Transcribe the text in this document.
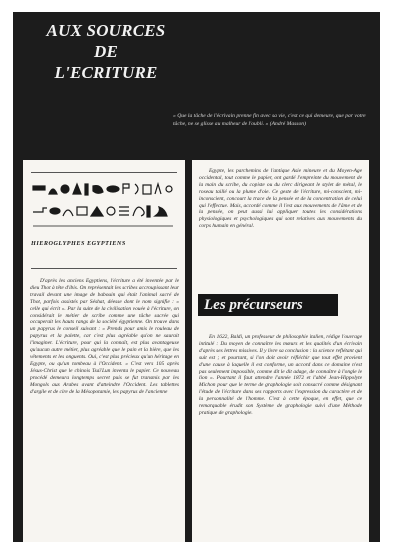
AUX SOURCES
DE
L'ECRITURE
« Que la tâche de l'écrivain prenne fin avec sa vie, c'est ce qui demeure, que par votre tâche, ne se glisse au malheur de l'oubli. » (André Masson)
HIEROGLYPHES EGYPTIENS
D'après les anciens Egyptiens, l'écriture a été inventée par le dieu Thot à tête d'ibis. On représentait les scribes accroupissant leur travail devant une image de babouin qui était l'animal sacré de Thot, parfois assistés par Séshat, déesse dont le nom signifie : « celle qui écrit ». Par la suite de la civilisation vouée à l'écriture, on considérait le métier de scribe comme une tâche sacrée qui occuperait les hauts rangs de la société égyptienne. On trouve dans un papyrus le conseil suivant : « Prends pour amis le rouleau de papyrus et la palette, car c'est plus agréable qu'on ne saurait l'imaginer. L'écriture, pour qui la connaît, est plus avantageuse qu'aucun autre métier, plus agréable que le pain et la bière, que les vêtements et les onguents. Oui, c'est plus précieux qu'un héritage en Egypte, ou qu'un tombeau à l'Occident. » C'est vers 105 après Jésus-Christ que le chinois Tsaï'Lun inventa le papier. Ce nouveau procédé demeura longtemps secret puis se fut transmis par les Mongols aux Arabes avant d'atteindre l'Occident. Les tablettes d'argile et de cire de la Mésopotamie, les papyrus de l'ancienne
Egypte, les parchemins de l'antique Asie mineure et du Moyen-Age occidental, tout comme le papier, ont gardé l'empreinte du mouvement de la main du scribe, du copiste ou du clerc dirigeant le stylet de métal, le roseau taillé ou la plume d'oie. Ce geste de l'écriture, mi-conscient, mi-inconscient, concourt la trace de la pensée et de la concentration de celui qui l'effectue. Mais, accordé comme il l'est aux mouvements de l'âme et de la pensée, on peut aussi lui appliquer toutes les considérations physiologiques et psychologiques qui sont relatives aux mouvements du corps humain en général.
Les précurseurs
En 1622, Baldi, un professeur de philosophie italien, rédige l'ouvrage intitulé : Du moyen de connaître les mœurs et les qualités d'un écrivain d'après ses lettres missives. Il y livre sa conclusion : la science reflétant qui suit est ; et pourtant, si l'on doit avoir réfléchir que tout effet provient d'une cause à laquelle il est conforme, un accord dans ce domaine n'est pas seulement impossible, comme dit le dit adage, de connaître à l'ongle le lion ». Pourtant il faut attendre l'année 1872 et l'abbé Jean-Hippolyte Michon pour que le terme de graphologie soit consacré comme désignant l'étude de l'écriture dans ses rapports avec l'expression du caractère et de la personnalité de l'homme. C'est à cette époque, en effet, que ce remarquable érudit son Système de graphologie suivi d'une Méthode pratique de graphologie.
